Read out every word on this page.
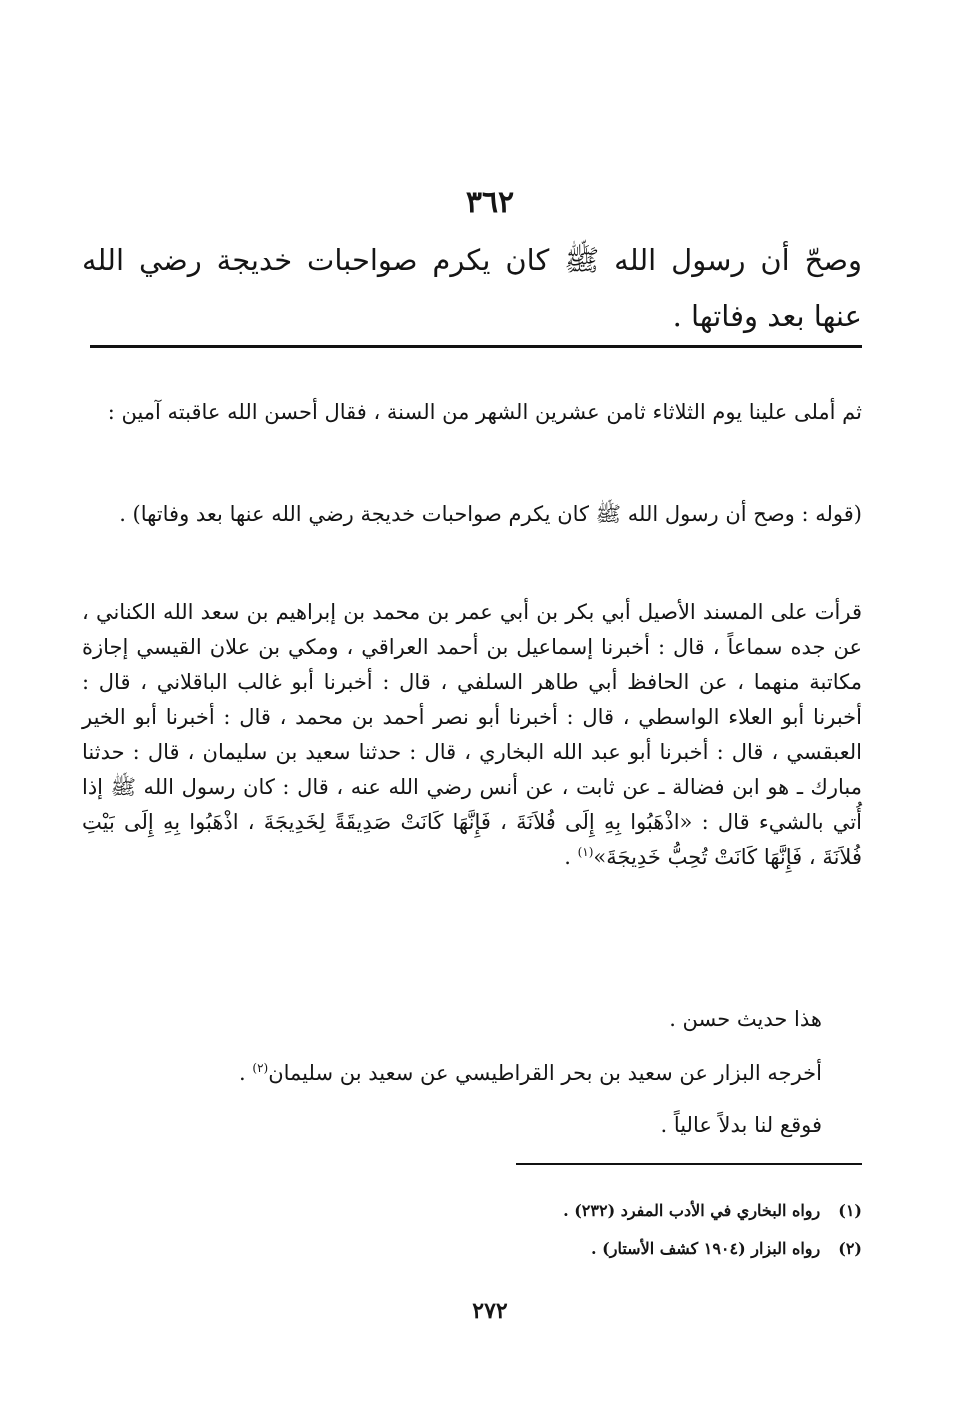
٣٦٢
وصحّ أن رسول الله ﷺ كان يكرم صواحبات خديجة رضي الله عنها بعد وفاتها .
ثم أملى علينا يوم الثلاثاء ثامن عشرين الشهر من السنة ، فقال أحسن الله عاقبته آمين :
(قوله : وصح أن رسول الله ﷺ كان يكرم صواحبات خديجة رضي الله عنها بعد وفاتها) .
قرأت على المسند الأصيل أبي بكر بن أبي عمر بن محمد بن إبراهيم بن سعد الله الكناني ، عن جده سماعاً ، قال : أخبرنا إسماعيل بن أحمد العراقي ، ومكي بن علان القيسي إجازة مكاتبة منهما ، عن الحافظ أبي طاهر السلفي ، قال : أخبرنا أبو غالب الباقلاني ، قال : أخبرنا أبو العلاء الواسطي ، قال : أخبرنا أبو نصر أحمد بن محمد ، قال : أخبرنا أبو الخير العبقسي ، قال : أخبرنا أبو عبد الله البخاري ، قال : حدثنا سعيد بن سليمان ، قال : حدثنا مبارك ـ هو ابن فضالة ـ عن ثابت ، عن أنس رضي الله عنه ، قال : كان رسول الله ﷺ إذا أُتي بالشيء قال : «اذْهَبُوا بِهِ إِلَى فُلاَنَةَ ، فَإِنَّهَا كَانَتْ صَدِيقَةً لِخَدِيجَةَ ، اذْهَبُوا بِهِ إِلَى بَيْتِ فُلاَنَةَ ، فَإِنَّهَا كَانَتْ تُحِبُّ خَدِيجَةَ»$^{(١)}$ .
هذا حديث حسن .
أخرجه البزار عن سعيد بن بحر القراطيسي عن سعيد بن سليمان$^{(٢)}$ .
فوقع لنا بدلاً عالياً .
(١)رواه البخاري في الأدب المفرد (٢٣٢) .
(٢)رواه البزار (١٩٠٤ كشف الأستار) .
٢٧٢
